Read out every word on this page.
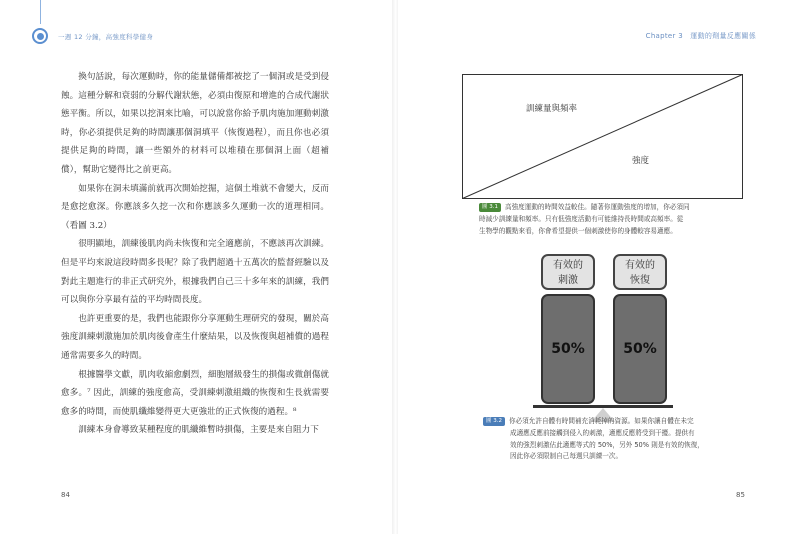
一週 12 分鐘，高強度科學健身	Chapter 3　運動的劑量反應關係

換句話說，每次運動時，你的能量儲備都被挖了一個洞或是受到侵蝕。這種分解和衰弱的分解代謝狀態，必須由復原和增進的合成代謝狀態平衡。所以，如果以挖洞來比喻，可以說當你給予肌肉施加運動刺激時，你必須提供足夠的時間讓那個洞填平（恢復過程），而且你也必須提供足夠的時間，讓一些額外的材料可以堆積在那個洞上面（超補償），幫助它變得比之前更高。

如果你在洞未填滿前就再次開始挖掘，這個土堆就不會變大，反而是愈挖愈深。你應該多久挖一次和你應該多久運動一次的道理相同。（看圖 3.2）

很明顯地，訓練後肌肉尚未恢復和完全適應前，不應該再次訓練。但是平均來說這段時間多長呢？除了我們超過十五萬次的監督經驗以及對此主題進行的非正式研究外，根據我們自己三十多年來的訓練，我們可以與你分享最有益的平均時間長度。

也許更重要的是，我們也能跟你分享運動生理研究的發現，關於高強度訓練刺激施加於肌肉後會產生什麼結果，以及恢復與超補償的過程通常需要多久的時間。

根據醫學文獻，肌肉收縮愈劇烈，細胞層級發生的損傷或微創傷就愈多。⁷ 因此，訓練的強度愈高，受訓練刺激組織的恢復和生長就需要愈多的時間，而使肌纖維變得更大更強壯的正式恢復的過程。⁸

訓練本身會導致某種程度的肌纖維暫時損傷，主要是來自阻力下

84
訓練量與頻率
強度
圖 3.1 高強度運動的時間效益較佳。隨著你運動強度的增加，你必須同
時減少訓練量和頻率。只有低強度活動有可能維持長時間或高頻率。從
生物學的觀點來看，你會希望提供一個刺激使你的身體較容易適應。
有效的
刺激
有效的
恢復
50%	50%
圖 3.2 你必須允許自體有時間補充消耗掉的資源。如果你讓自體在未完
成適應反應前接觸到侵入的刺激，適應反應將受到干擾。提供有
效的強烈刺激佔此適應等式的 50%，另外 50% 則是有效的恢復，
因此你必須限制自己每週只訓練一次。
85
